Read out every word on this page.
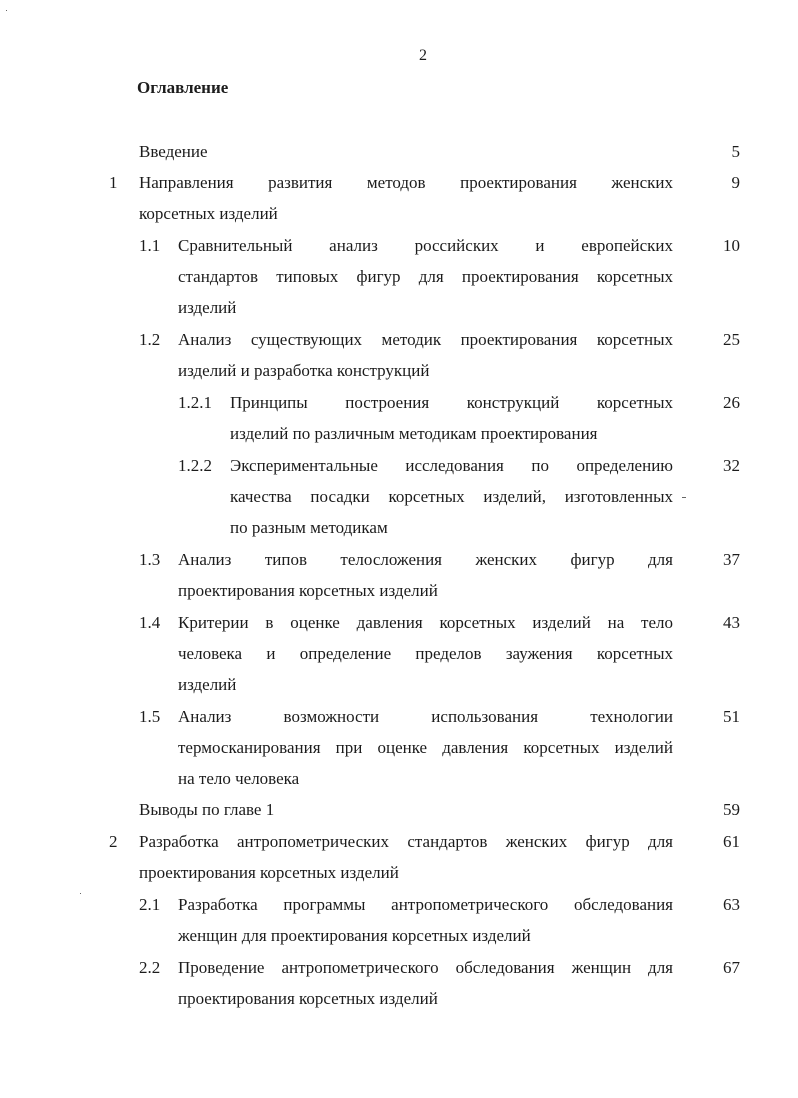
2
Оглавление
Введение	5
1 Направления развития методов проектирования женских
корсетных изделий
9
1.1 Сравнительный анализ российских и европейских
стандартов типовых фигур для проектирования корсетных
изделий
10
1.2 Анализ существующих методик проектирования корсетных
изделий и разработка конструкций
25
1.2.1 Принципы построения конструкций корсетных
изделий по различным методикам проектирования
26
1.2.2 Экспериментальные исследования по определению
качества посадки корсетных изделий, изготовленных
по разным методикам
32
1.3 Анализ типов телосложения женских фигур для
проектирования корсетных изделий
37
1.4 Критерии в оценке давления корсетных изделий на тело
человека и определение пределов заужения корсетных
изделий
43
1.5 Анализ возможности использования технологии
термосканирования при оценке давления корсетных изделий
на тело человека
51
Выводы по главе 1	59
2 Разработка антропометрических стандартов женских фигур для
проектирования корсетных изделий
61
2.1 Разработка программы антропометрического обследования
женщин для проектирования корсетных изделий
63
2.2 Проведение антропометрического обследования женщин для
проектирования корсетных изделий
67
